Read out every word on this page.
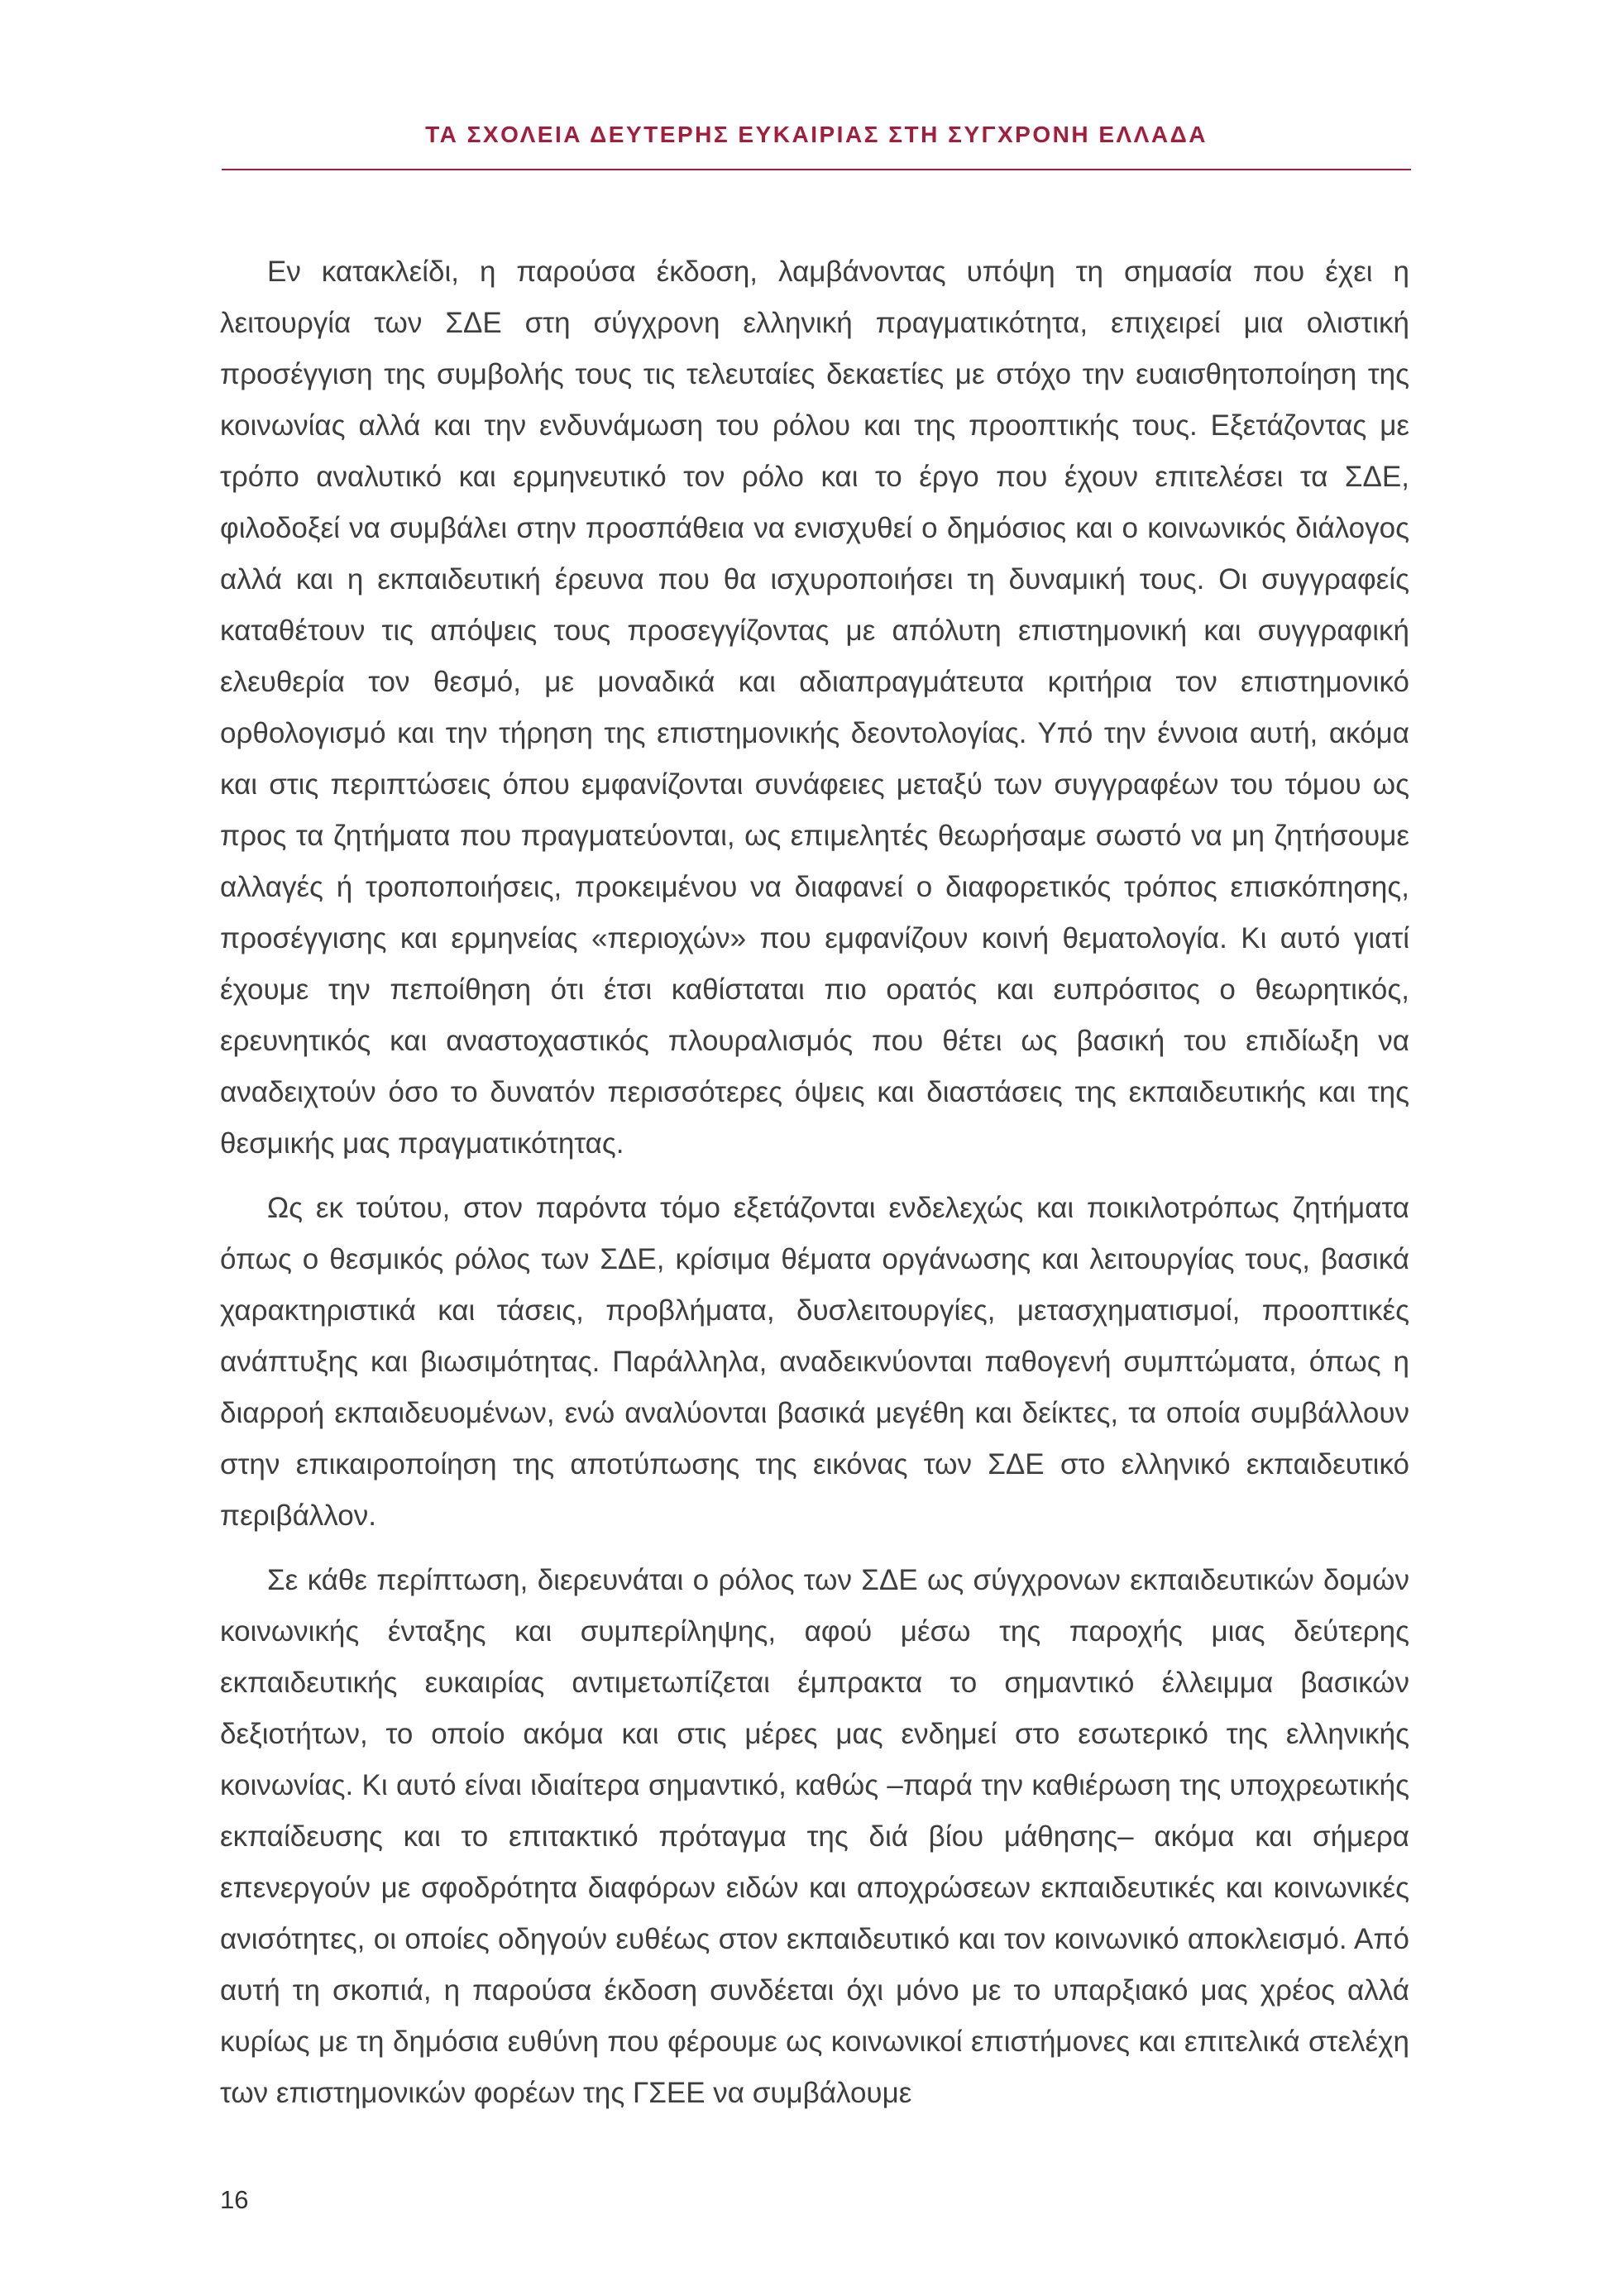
ΤΑ ΣΧΟΛΕΙΑ ΔΕΥΤΕΡΗΣ ΕΥΚΑΙΡΙΑΣ ΣΤΗ ΣΥΓΧΡΟΝΗ ΕΛΛΑΔΑ

Εν κατακλείδι, η παρούσα έκδοση, λαμβάνοντας υπόψη τη σημασία που έχει η λειτουργία των ΣΔΕ στη σύγχρονη ελληνική πραγματικότητα, επιχειρεί μια ολιστική προσέγγιση της συμβολής τους τις τελευταίες δεκαετίες με στόχο την ευαισθητοποίηση της κοινωνίας αλλά και την ενδυνάμωση του ρόλου και της προοπτικής τους. Εξετάζοντας με τρόπο αναλυτικό και ερμηνευτικό τον ρόλο και το έργο που έχουν επιτελέσει τα ΣΔΕ, φιλοδοξεί να συμβάλει στην προσπάθεια να ενισχυθεί ο δημόσιος και ο κοινωνικός διάλογος αλλά και η εκπαιδευτική έρευνα που θα ισχυροποιήσει τη δυναμική τους. Οι συγγραφείς καταθέτουν τις απόψεις τους προσεγγίζοντας με απόλυτη επιστημονική και συγγραφική ελευθερία τον θεσμό, με μοναδικά και αδιαπραγμάτευτα κριτήρια τον επιστημονικό ορθολογισμό και την τήρηση της επιστημονικής δεοντολογίας. Υπό την έννοια αυτή, ακόμα και στις περιπτώσεις όπου εμφανίζονται συνάφειες μεταξύ των συγγραφέων του τόμου ως προς τα ζητήματα που πραγματεύονται, ως επιμελητές θεωρήσαμε σωστό να μη ζητήσουμε αλλαγές ή τροποποιήσεις, προκειμένου να διαφανεί ο διαφορετικός τρόπος επισκόπησης, προσέγγισης και ερμηνείας «περιοχών» που εμφανίζουν κοινή θεματολογία. Κι αυτό γιατί έχουμε την πεποίθηση ότι έτσι καθίσταται πιο ορατός και ευπρόσιτος ο θεωρητικός, ερευνητικός και αναστοχαστικός πλουραλισμός που θέτει ως βασική του επιδίωξη να αναδειχτούν όσο το δυνατόν περισσότερες όψεις και διαστάσεις της εκπαιδευτικής και της θεσμικής μας πραγματικότητας.

Ως εκ τούτου, στον παρόντα τόμο εξετάζονται ενδελεχώς και ποικιλοτρόπως ζητήματα όπως ο θεσμικός ρόλος των ΣΔΕ, κρίσιμα θέματα οργάνωσης και λειτουργίας τους, βασικά χαρακτηριστικά και τάσεις, προβλήματα, δυσλειτουργίες, μετασχηματισμοί, προοπτικές ανάπτυξης και βιωσιμότητας. Παράλληλα, αναδεικνύονται παθογενή συμπτώματα, όπως η διαρροή εκπαιδευομένων, ενώ αναλύονται βασικά μεγέθη και δείκτες, τα οποία συμβάλλουν στην επικαιροποίηση της αποτύπωσης της εικόνας των ΣΔΕ στο ελληνικό εκπαιδευτικό περιβάλλον.

Σε κάθε περίπτωση, διερευνάται ο ρόλος των ΣΔΕ ως σύγχρονων εκπαιδευτικών δομών κοινωνικής ένταξης και συμπερίληψης, αφού μέσω της παροχής μιας δεύτερης εκπαιδευτικής ευκαιρίας αντιμετωπίζεται έμπρακτα το σημαντικό έλλειμμα βασικών δεξιοτήτων, το οποίο ακόμα και στις μέρες μας ενδημεί στο εσωτερικό της ελληνικής κοινωνίας. Κι αυτό είναι ιδιαίτερα σημαντικό, καθώς –παρά την καθιέρωση της υποχρεωτικής εκπαίδευσης και το επιτακτικό πρόταγμα της διά βίου μάθησης– ακόμα και σήμερα επενεργούν με σφοδρότητα διαφόρων ειδών και αποχρώσεων εκπαιδευτικές και κοινωνικές ανισότητες, οι οποίες οδηγούν ευθέως στον εκπαιδευτικό και τον κοινωνικό αποκλεισμό. Από αυτή τη σκοπιά, η παρούσα έκδοση συνδέεται όχι μόνο με το υπαρξιακό μας χρέος αλλά κυρίως με τη δημόσια ευθύνη που φέρουμε ως κοινωνικοί επιστήμονες και επιτελικά στελέχη των επιστημονικών φορέων της ΓΣΕΕ να συμβάλουμε

16
